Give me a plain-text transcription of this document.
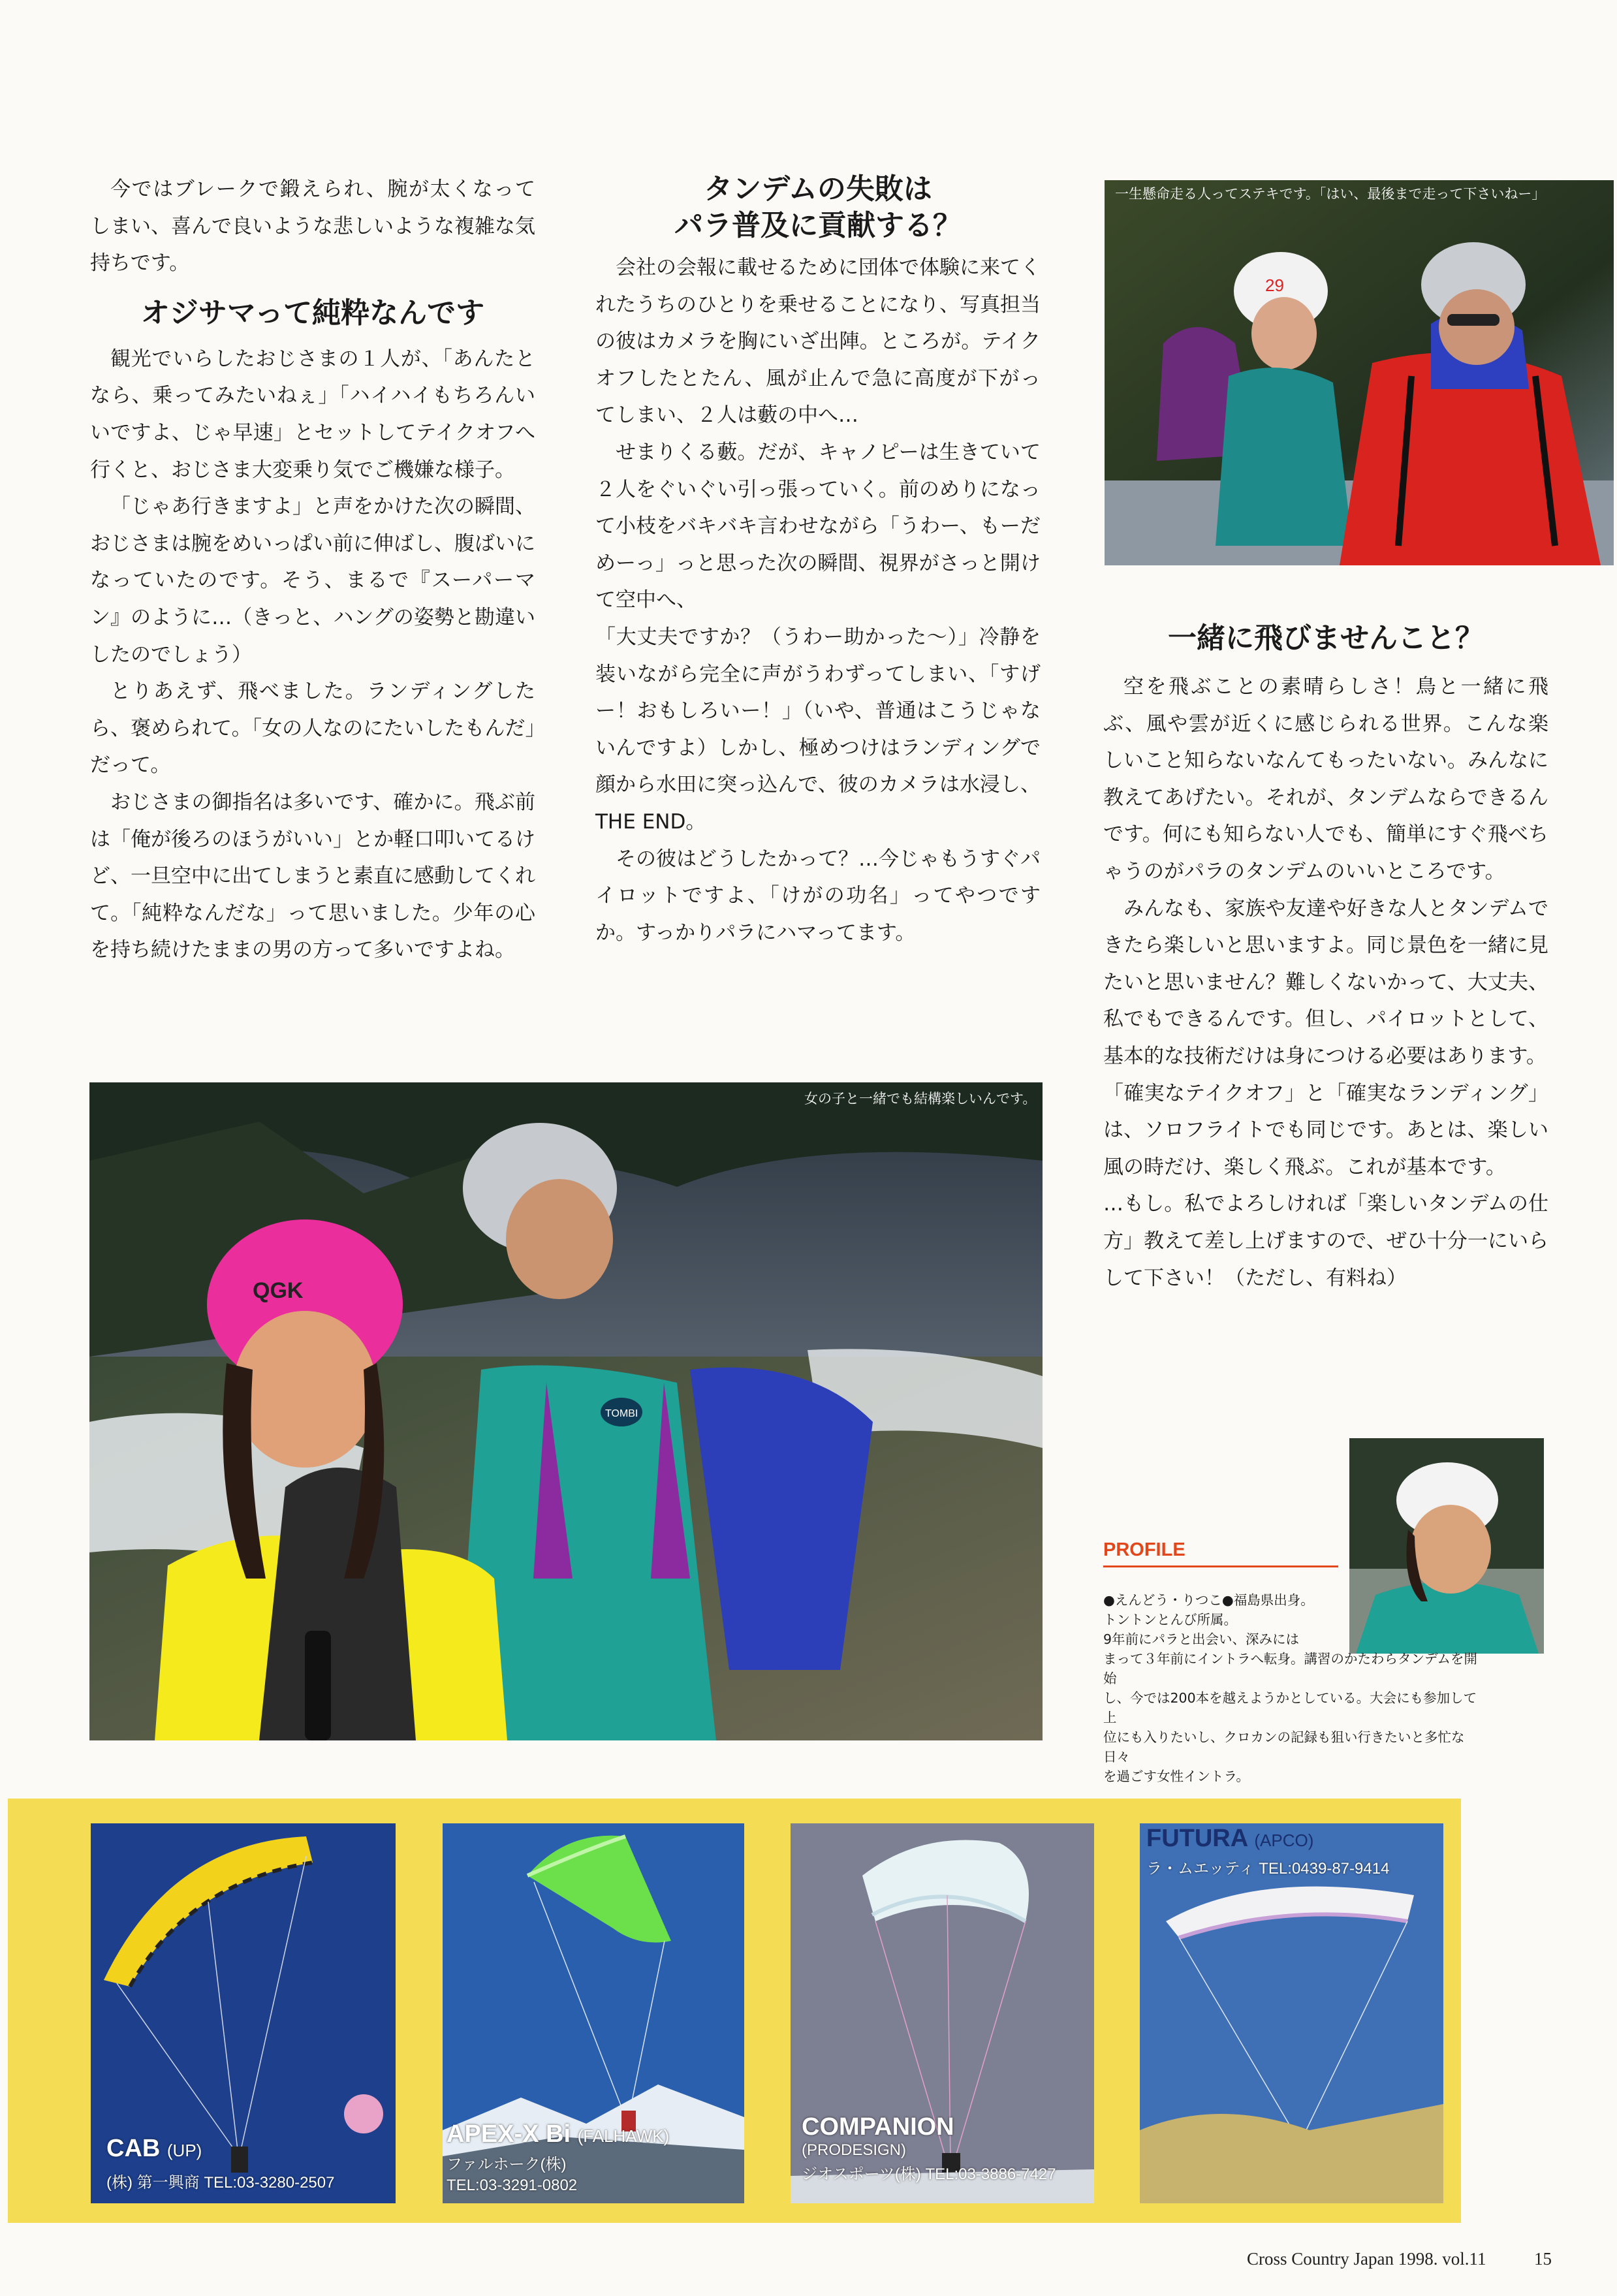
今ではブレークで鍛えられ、腕が太くなってしまい、喜んで良いような悲しいような複雑な気持ちです。

オジサマって純粋なんです

観光でいらしたおじさまの１人が、「あんたとなら、乗ってみたいねぇ」「ハイハイもちろんいいですよ、じゃ早速」とセットしてテイクオフへ行くと、おじさま大変乗り気でご機嫌な様子。

「じゃあ行きますよ」と声をかけた次の瞬間、おじさまは腕をめいっぱい前に伸ばし、腹ばいになっていたのです。そう、まるで『スーパーマン』のように…（きっと、ハングの姿勢と勘違いしたのでしょう）

とりあえず、飛べました。ランディングしたら、褒められて。「女の人なのにたいしたもんだ」だって。

おじさまの御指名は多いです、確かに。飛ぶ前は「俺が後ろのほうがいい」とか軽口叩いてるけど、一旦空中に出てしまうと素直に感動してくれて。「純粋なんだな」って思いました。少年の心を持ち続けたままの男の方って多いですよね。

タンデムの失敗は
パラ普及に貢献する？

会社の会報に載せるために団体で体験に来てくれたうちのひとりを乗せることになり、写真担当の彼はカメラを胸にいざ出陣。ところが。テイクオフしたとたん、風が止んで急に高度が下がってしまい、２人は藪の中へ…

せまりくる藪。だが、キャノピーは生きていて２人をぐいぐい引っ張っていく。前のめりになって小枝をバキバキ言わせながら「うわー、もーだめーっ」っと思った次の瞬間、視界がさっと開けて空中へ、

「大丈夫ですか？（うわー助かった〜）」冷静を装いながら完全に声がうわずってしまい、「すげー！おもしろいー！」（いや、普通はこうじゃないんですよ）しかし、極めつけはランディングで顔から水田に突っ込んで、彼のカメラは水浸し、THE END。

その彼はどうしたかって？…今じゃもうすぐパイロットですよ、「けがの功名」ってやつですか。すっかりパラにハマってます。

29
一生懸命走る人ってステキです。「はい、最後まで走って下さいねー」
一緒に飛びませんこと？

空を飛ぶことの素晴らしさ！鳥と一緒に飛ぶ、風や雲が近くに感じられる世界。こんな楽しいこと知らないなんてもったいない。みんなに教えてあげたい。それが、タンデムならできるんです。何にも知らない人でも、簡単にすぐ飛べちゃうのがパラのタンデムのいいところです。

みんなも、家族や友達や好きな人とタンデムできたら楽しいと思いますよ。同じ景色を一緒に見たいと思いません？難しくないかって、大丈夫、私でもできるんです。但し、パイロットとして、基本的な技術だけは身につける必要はあります。

「確実なテイクオフ」と「確実なランディング」は、ソロフライトでも同じです。あとは、楽しい風の時だけ、楽しく飛ぶ。これが基本です。

…もし。私でよろしければ「楽しいタンデムの仕方」教えて差し上げますので、ぜひ十分一にいらして下さい！（ただし、有料ね）

TOMBI
QGK
女の子と一緒でも結構楽しいんです。
PROFILE

●えんどう・りつこ●福島県出身。

トントンとんび所属。

9年前にパラと出会い、深みには

まって３年前にイントラへ転身。講習のかたわらタンデムを開始

し、今では200本を越えようかとしている。大会にも参加して上

位にも入りたいし、クロカンの記録も狙い行きたいと多忙な日々

を過ごす女性イントラ。

CAB (UP)
(株) 第一興商 TEL:03-3280-2507
APEX-X Bi (FALHAWK)
ファルホーク(株)
TEL:03-3291-0802
COMPANION
(PRODESIGN)
ジオスポーツ(株) TEL:03-3886-7427
FUTURA (APCO)
ラ・ムエッティ TEL:0439-87-9414
Cross Country Japan 1998. vol.11	15
